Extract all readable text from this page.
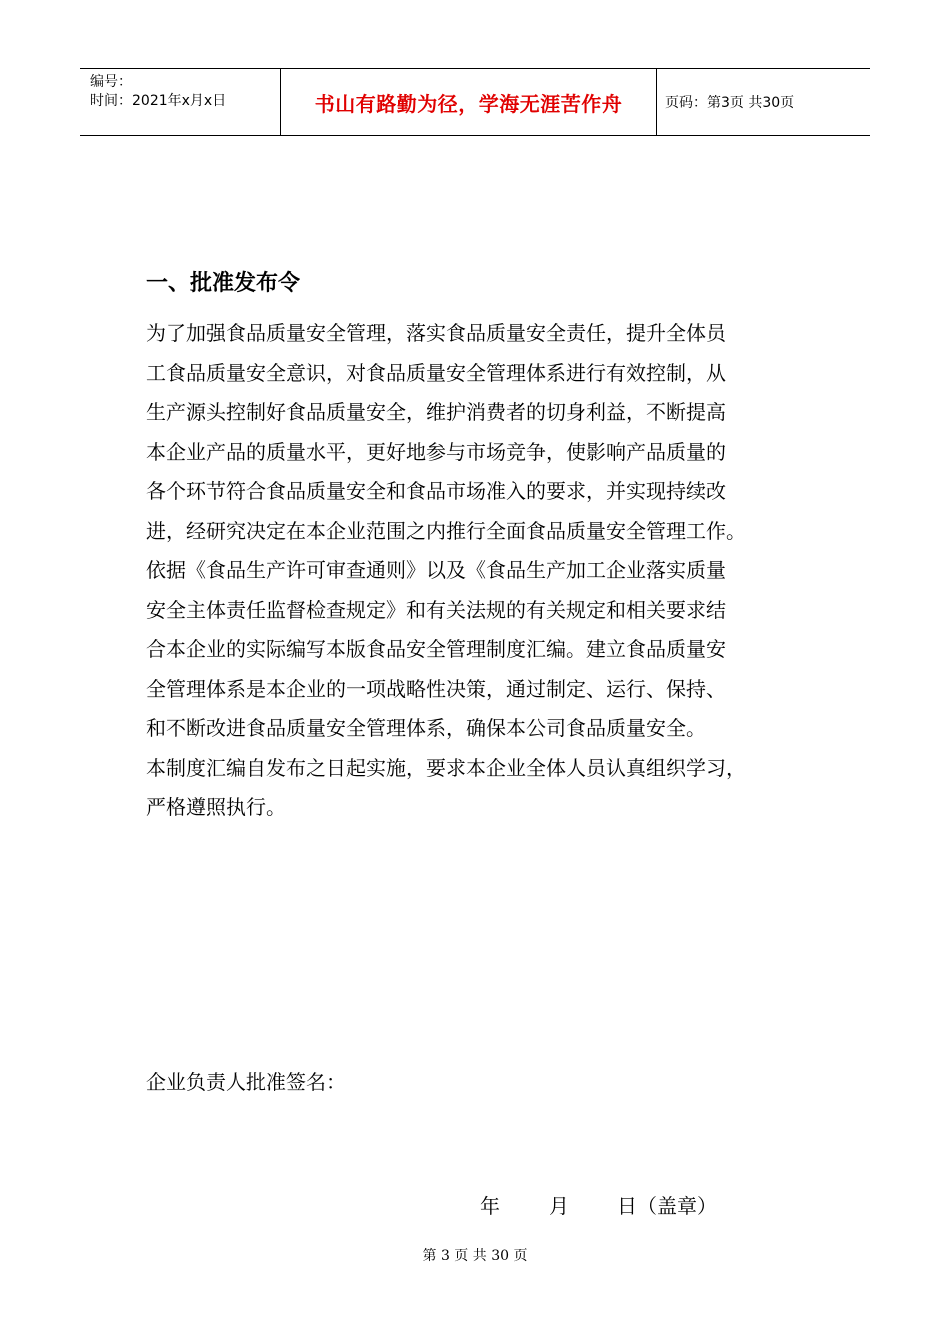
编号：
时间：2021年x月x日	书山有路勤为径，学海无涯苦作舟	页码：第3页 共30页
一、批准发布令

为了加强食品质量安全管理，落实食品质量安全责任，提升全体员

工食品质量安全意识，对食品质量安全管理体系进行有效控制，从

生产源头控制好食品质量安全，维护消费者的切身利益，不断提高

本企业产品的质量水平，更好地参与市场竞争，使影响产品质量的

各个环节符合食品质量安全和食品市场准入的要求，并实现持续改

进，经研究决定在本企业范围之内推行全面食品质量安全管理工作。

依据《食品生产许可审查通则》以及《食品生产加工企业落实质量

安全主体责任监督检查规定》和有关法规的有关规定和相关要求结

合本企业的实际编写本版食品安全管理制度汇编。建立食品质量安

全管理体系是本企业的一项战略性决策，通过制定、运行、保持、

和不断改进食品质量安全管理体系，确保本公司食品质量安全。

本制度汇编自发布之日起实施，要求本企业全体人员认真组织学习，

严格遵照执行。

企业负责人批准签名：
年	月	日（盖章）
第 3 页 共 30 页
